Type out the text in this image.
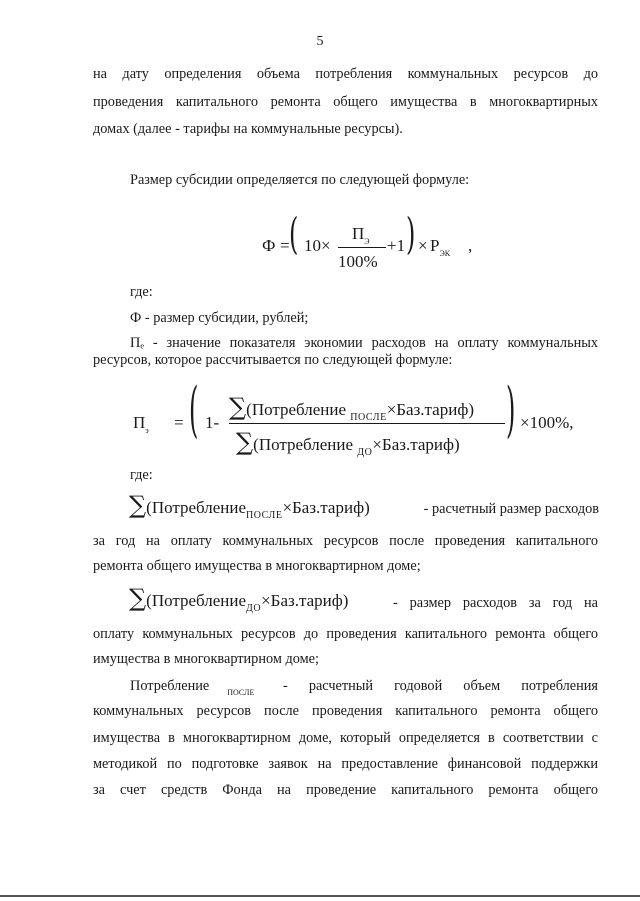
5
на дату определения объема потребления коммунальных ресурсов до
проведения капитального ремонта общего имущества в многоквартирных
домах (далее - тарифы на коммунальные ресурсы).
Размер субсидии определяется по следующей формуле:
Ф = ( 10×
$П_Э$
100%
+1 ) × $Р_{ЭК}$ ,
где:
Ф - размер субсидии, рублей;
Пₑ - значение показателя экономии расходов на оплату коммунальных
ресурсов, которое рассчитывается по следующей формуле:
$П_э$ = ( 1-
∑(Потребление $_{ПОСЛЕ}$×Баз.тариф)
∑(Потребление $_{ДО}$×Баз.тариф) ) ×100%,
где:
∑(Потребление$_{ПОСЛЕ}$×Баз.тариф)	- расчетный размер расходов
за год на оплату коммунальных ресурсов после проведения капитального
ремонта общего имущества в многоквартирном доме;
∑(Потребление$_{ДО}$×Баз.тариф)	- размер расходов за год на
оплату коммунальных ресурсов до проведения капитального ремонта общего
имущества в многоквартирном доме;
Потребление $_{ПОСЛЕ}$	- расчетный годовой объем потребления
коммунальных ресурсов после проведения капитального ремонта общего
имущества в многоквартирном доме, который определяется в соответствии с
методикой по подготовке заявок на предоставление финансовой поддержки
за счет средств Фонда на проведение капитального ремонта общего
